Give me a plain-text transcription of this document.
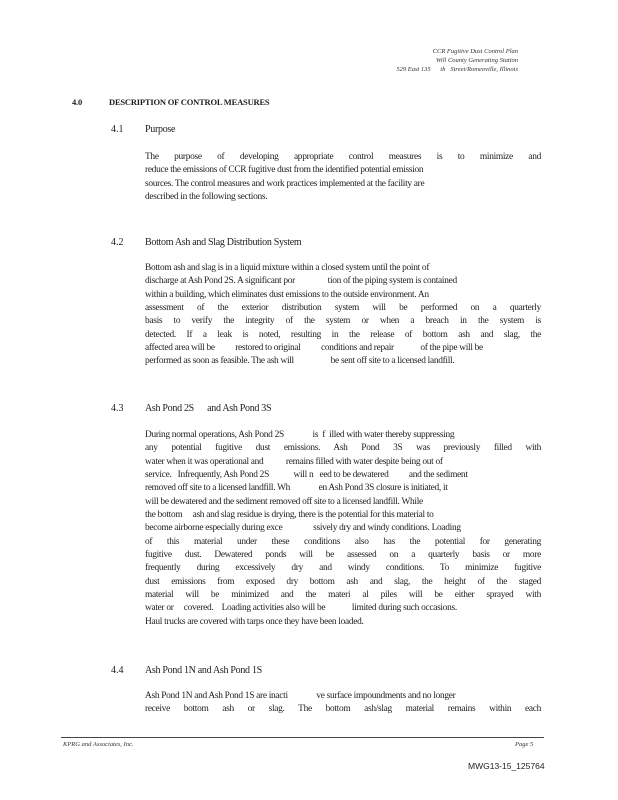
CCR Fugitive Dust Control Plan
Will County Generating Station
529 East 135      th   Street/Romeoville, Illinois
4.0	DESCRIPTION OF CONTROL MEASURES
4.1 Purpose
The  purpose  of  developing  appropriate  control  measures  is  to  minimize  and
reduce the emissions of CCR fugitive dust from the identified potential emission
sources. The control measures and work practices implemented at the facility are
described in the following sections.
4.2 Bottom Ash and Slag Distribution System
Bottom ash and slag is in a liquid mixture within a closed system until the point of
discharge at Ash Pond 2S. A significant por                tion of the piping system is contained
within a building, which eliminates dust emissions to the outside environment. An
assessment  of  the  exterior  distribution  system  will  be  performed  on  a  quarterly
basis  to  verify  the  integrity  of  the  system  or  when  a  breach  in  the  system  is
detected.  If  a  leak  is  noted,  resulting  in  the  release  of  bottom  ash  and  slag,  the
affected area will be          restored to original          conditions and repair             of the pipe will be
performed as soon as feasible. The ash will                  be sent off site to a licensed landfill.
4.3 Ash Pond 2S      and Ash Pond 3S
During normal operations, Ash Pond 2S              is  f  illed with water thereby suppressing
any  potential  fugitive  dust  emissions.  Ash  Pond  3S  was  previously  filled  with
water when it was operational and           remains filled with water despite being out of
service.   Infrequently, Ash Pond 2S            will n   eed to be dewatered          and the sediment
removed off site to a licensed landfill. Wh              en Ash Pond 3S closure is initiated, it
will be dewatered and the sediment removed off site to a licensed landfill. While
the bottom     ash and slag residue is drying, there is the potential for this material to
become airborne especially during exce               ssively dry and windy conditions. Loading
of  this  material  under  these  conditions  also  has  the  potential  for  generating
fugitive  dust.  Dewatered  ponds  will  be  assessed  on  a  quarterly  basis  or  more
frequently  during  excessively  dry  and  windy  conditions.  To  minimize  fugitive
dust  emissions  from  exposed  dry  bottom  ash  and  slag,  the  height  of  the  staged
material  will  be  minimized  and  the  materi  al  piles  will  be  either  sprayed  with
water or     covered.    Loading activities also will be             limited during such occasions.
Haul trucks are covered with tarps once they have been loaded.
4.4 Ash Pond 1N and Ash Pond 1S
Ash Pond 1N and Ash Pond 1S are inacti              ve surface impoundments and no longer
receive  bottom  ash  or  slag.  The  bottom  ash/slag  material  remains  within  each
KPRG and Associates, Inc.	Page 5
MWG13-15_125764
